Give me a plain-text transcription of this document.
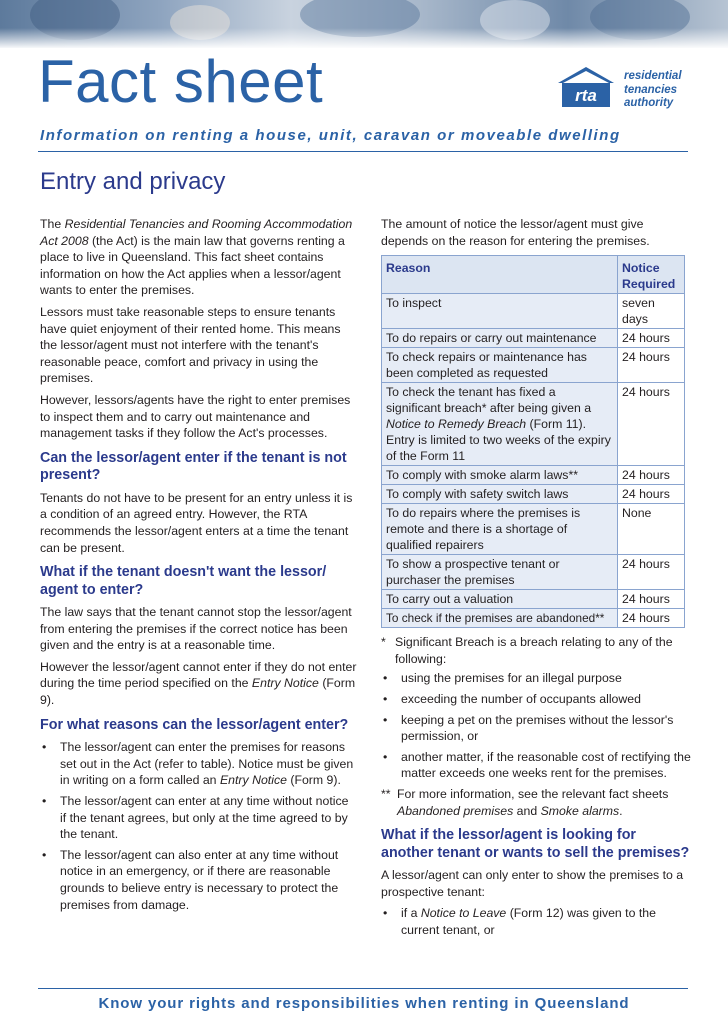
Fact sheet	rta
residential
tenancies
authority
Information on renting a house, unit, caravan or moveable dwelling
Entry and privacy

The Residential Tenancies and Rooming Accommodation Act 2008 (the Act) is the main law that governs renting a place to live in Queensland. This fact sheet contains information on how the Act applies when a lessor/agent wants to enter the premises.

Lessors must take reasonable steps to ensure tenants have quiet enjoyment of their rented home. This means the lessor/agent must not interfere with the tenant's reasonable peace, comfort and privacy in using the premises.

However, lessors/agents have the right to enter premises to inspect them and to carry out maintenance and management tasks if they follow the Act's processes.

Can the lessor/agent enter if the tenant is not present?

Tenants do not have to be present for an entry unless it is a condition of an agreed entry. However, the RTA recommends the lessor/agent enters at a time the tenant can be present.

What if the tenant doesn't want the lessor/ agent to enter?

The law says that the tenant cannot stop the lessor/agent from entering the premises if the correct notice has been given and the entry is at a reasonable time.

However the lessor/agent cannot enter if they do not enter during the time period specified on the Entry Notice (Form 9).

For what reasons can the lessor/agent enter?
• The lessor/agent can enter the premises for reasons set out in the Act (refer to table). Notice must be given in writing on a form called an Entry Notice (Form 9).
• The lessor/agent can enter at any time without notice if the tenant agrees, but only at the time agreed to by the tenant.
• The lessor/agent can also enter at any time without notice in an emergency, or if there are reasonable grounds to believe entry is necessary to protect the premises from damage.

The amount of notice the lessor/agent must give depends on the reason for entering the premises.

Reason	Notice Required
To inspect	seven days
To do repairs or carry out maintenance	24 hours
To check repairs or maintenance has been completed as requested	24 hours
To check the tenant has fixed a significant breach* after being given a Notice to Remedy Breach (Form 11). Entry is limited to two weeks of the expiry of the Form 11	24 hours
To comply with smoke alarm laws**	24 hours
To comply with safety switch laws	24 hours
To do repairs where the premises is remote and there is a shortage of qualified repairers	None
To show a prospective tenant or purchaser the premises	24 hours
To carry out a valuation	24 hours
To check if the premises are abandoned**	24 hours
* Significant Breach is a breach relating to any of the following:
• using the premises for an illegal purpose
• exceeding the number of occupants allowed
• keeping a pet on the premises without the lessor's permission, or
• another matter, if the reasonable cost of rectifying the matter exceeds one weeks rent for the premises.
** For more information, see the relevant fact sheets Abandoned premises and Smoke alarms.
What if the lessor/agent is looking for another tenant or wants to sell the premises?

A lessor/agent can only enter to show the premises to a prospective tenant:

• if a Notice to Leave (Form 12) was given to the current tenant, or
Know your rights and responsibilities when renting in Queensland
